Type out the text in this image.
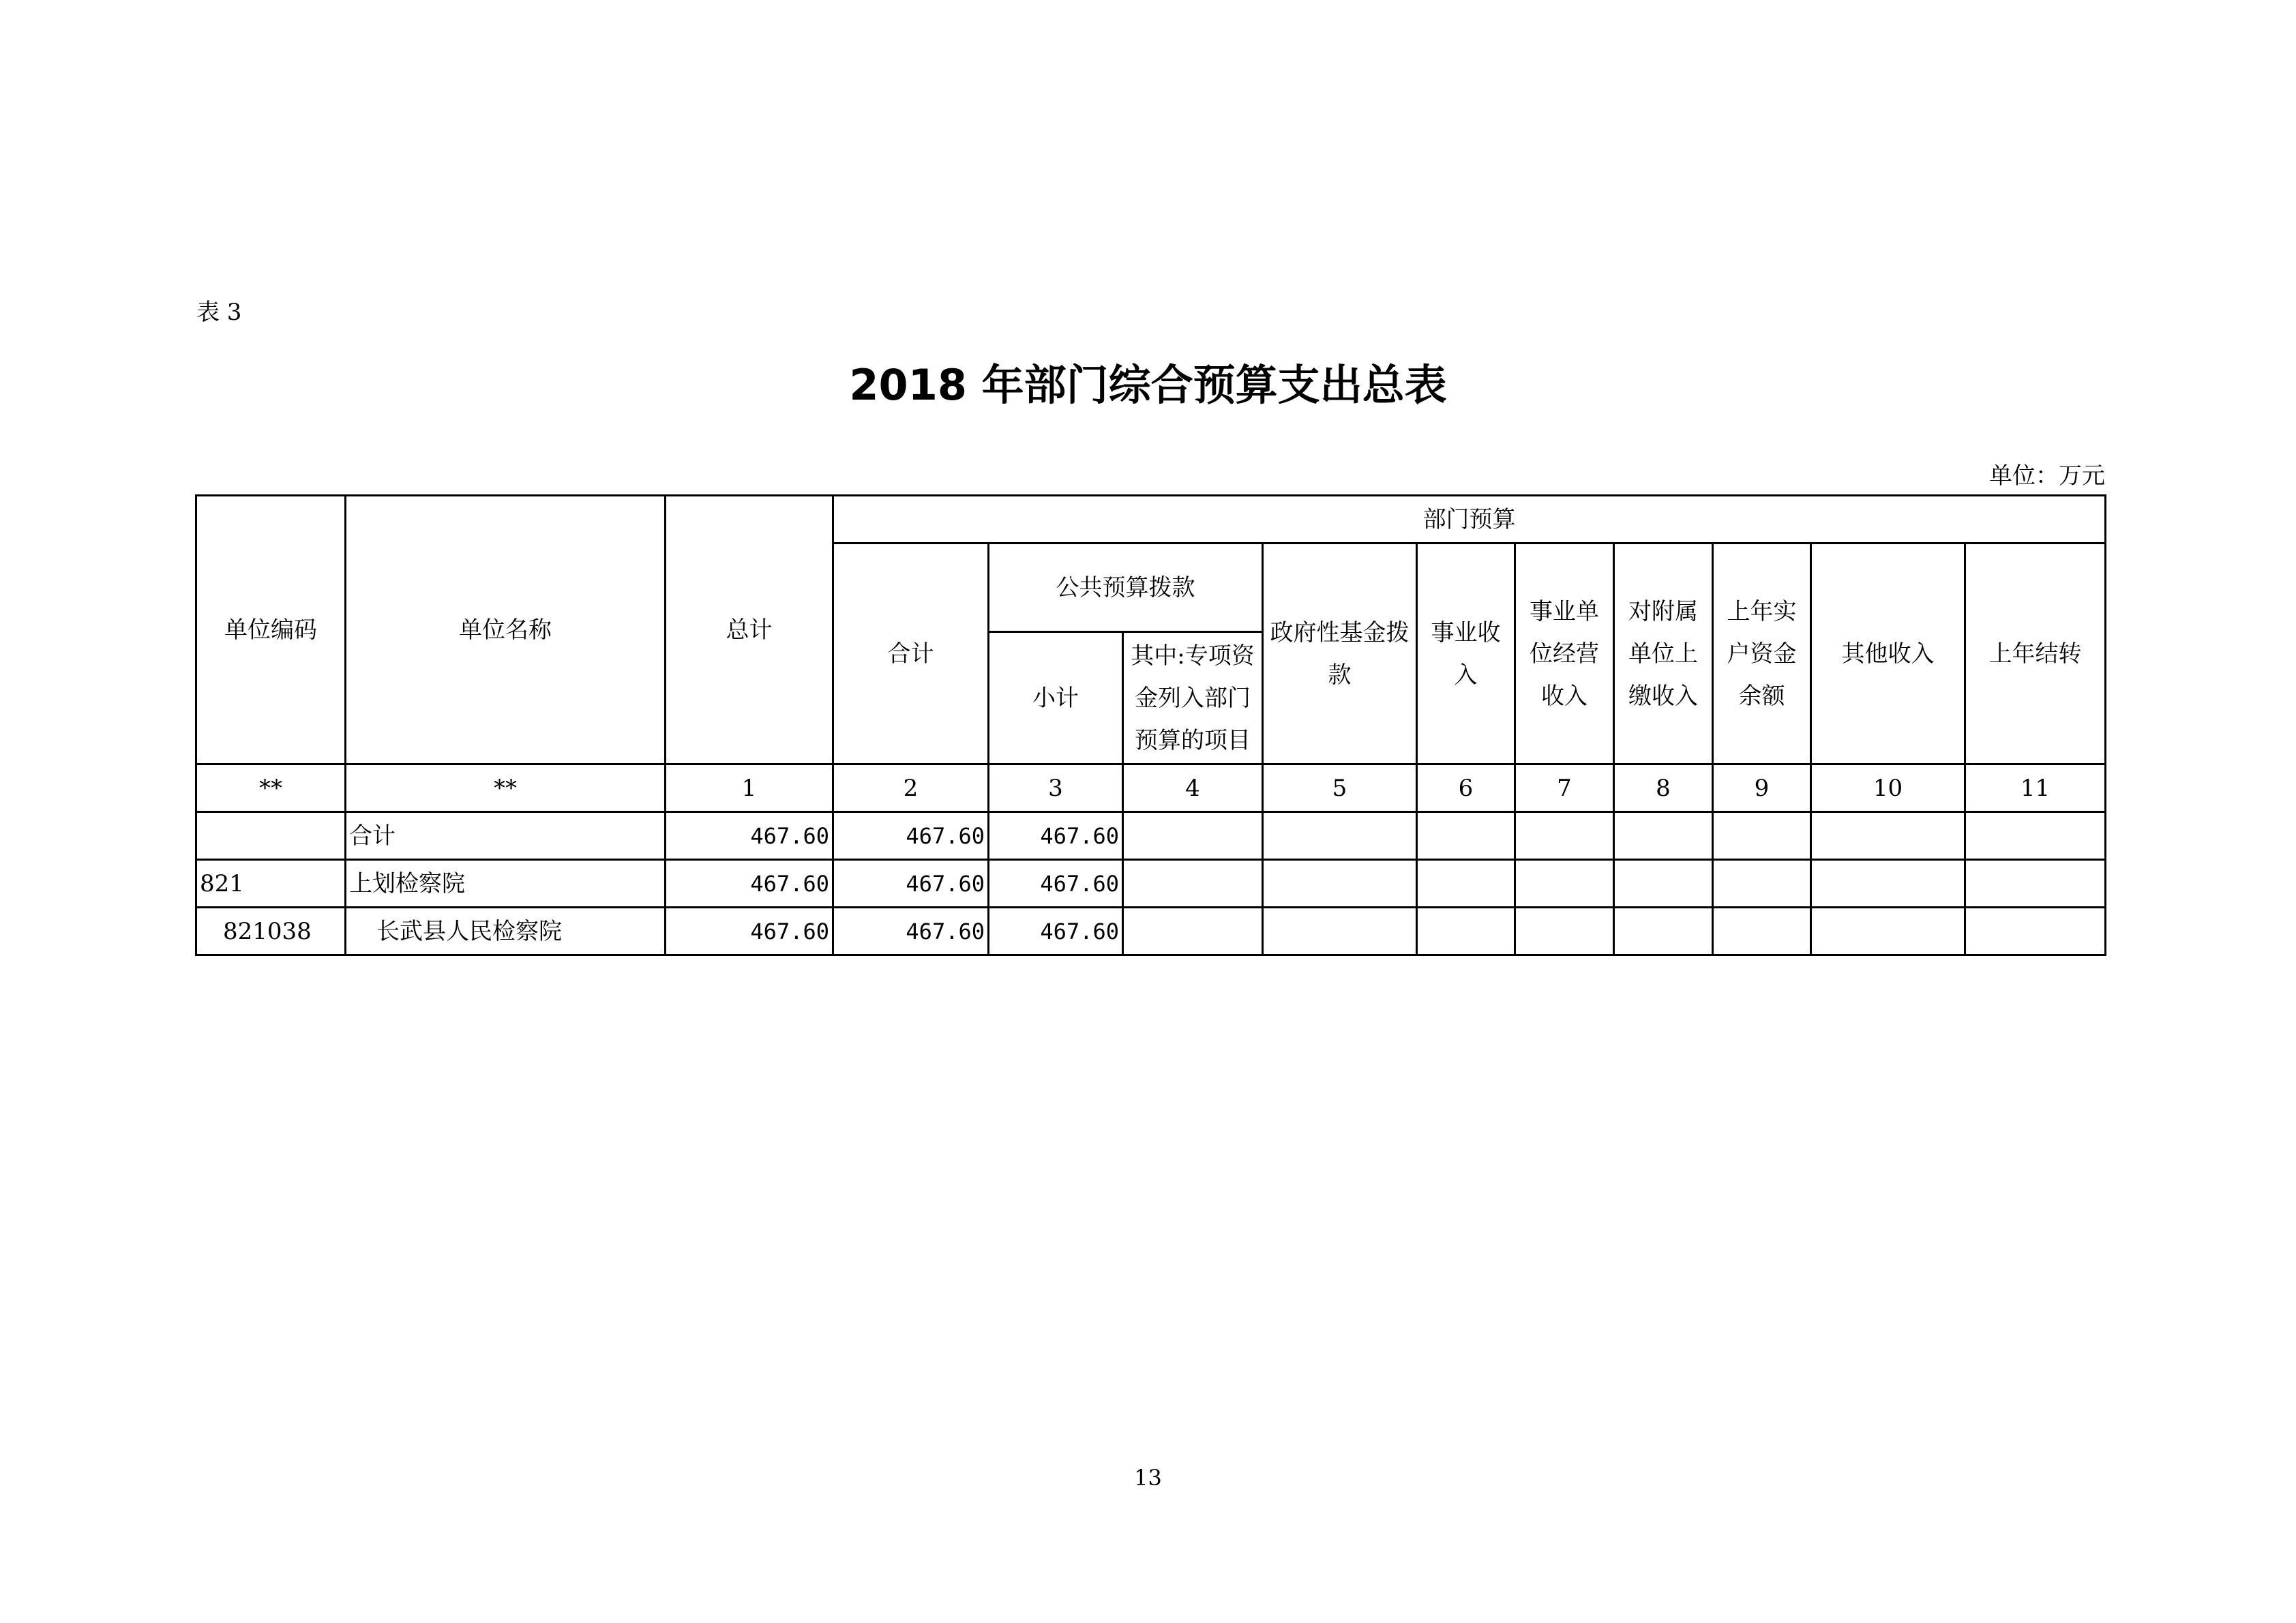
表 3
2018 年部门综合预算支出总表
单位：万元
单位编码	单位名称	总计	部门预算									
			合计	公共预算拨款		政府性基金拨款	事业收入	事业单位经营收入	对附属单位上缴收入	上年实户资金余额	其他收入	上年结转
				小计	其中:专项资金列入部门预算的项目							
**	**	1	2	3	4	5	6	7	8	9	10	11
	合计	467.60	467.60	467.60								
821	上划检察院	467.60	467.60	467.60								
821038	长武县人民检察院	467.60	467.60	467.60								
13
